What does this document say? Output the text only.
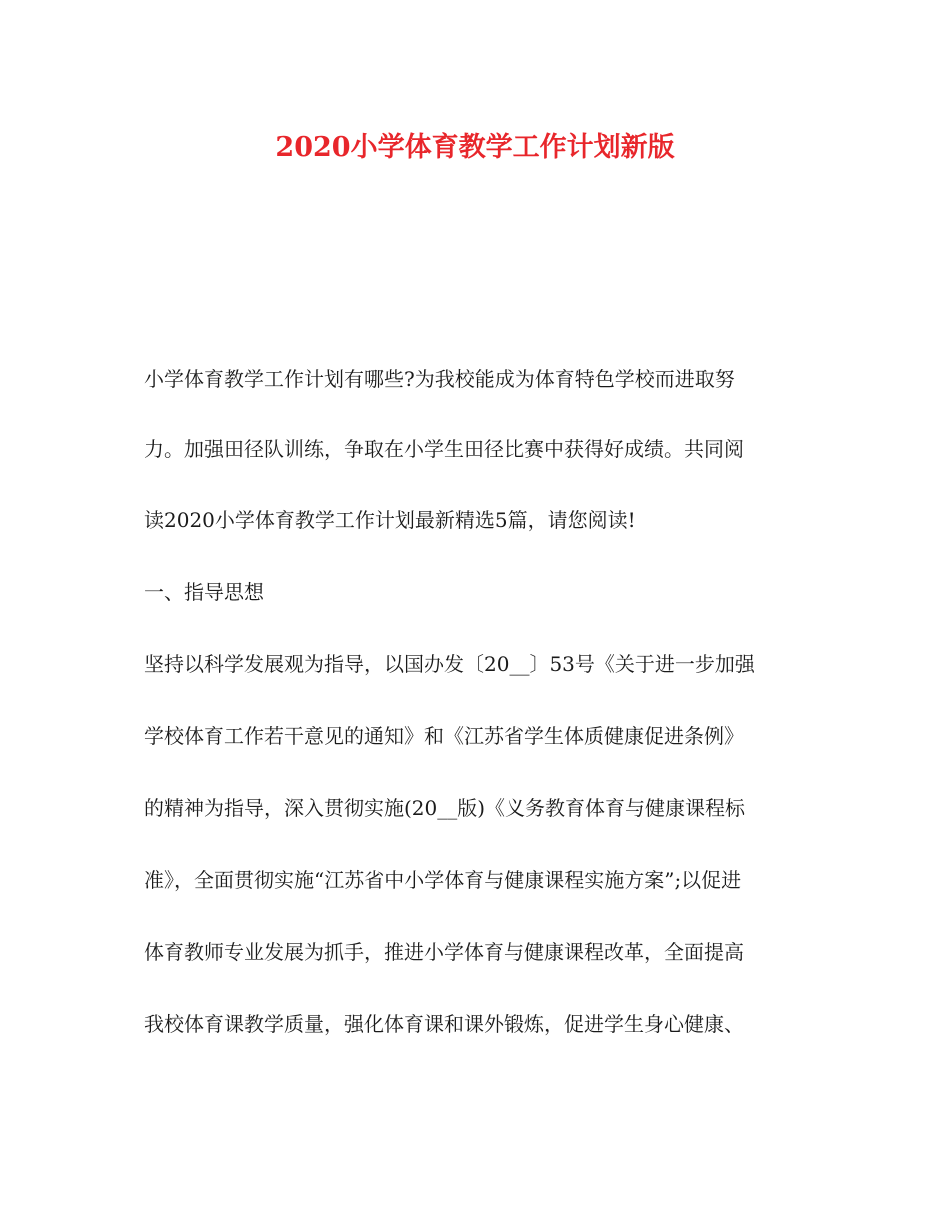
2020小学体育教学工作计划新版
小学体育教学工作计划有哪些?为我校能成为体育特色学校而进取努
力。加强田径队训练，争取在小学生田径比赛中获得好成绩。共同阅
读2020小学体育教学工作计划最新精选5篇，请您阅读!
一、指导思想
坚持以科学发展观为指导，以国办发〔20__〕53号《关于进一步加强
学校体育工作若干意见的通知》和《江苏省学生体质健康促进条例》
的精神为指导，深入贯彻实施(20__版)《义务教育体育与健康课程标
准》，全面贯彻实施“江苏省中小学体育与健康课程实施方案”;以促进
体育教师专业发展为抓手，推进小学体育与健康课程改革，全面提高
我校体育课教学质量，强化体育课和课外锻炼，促进学生身心健康、
